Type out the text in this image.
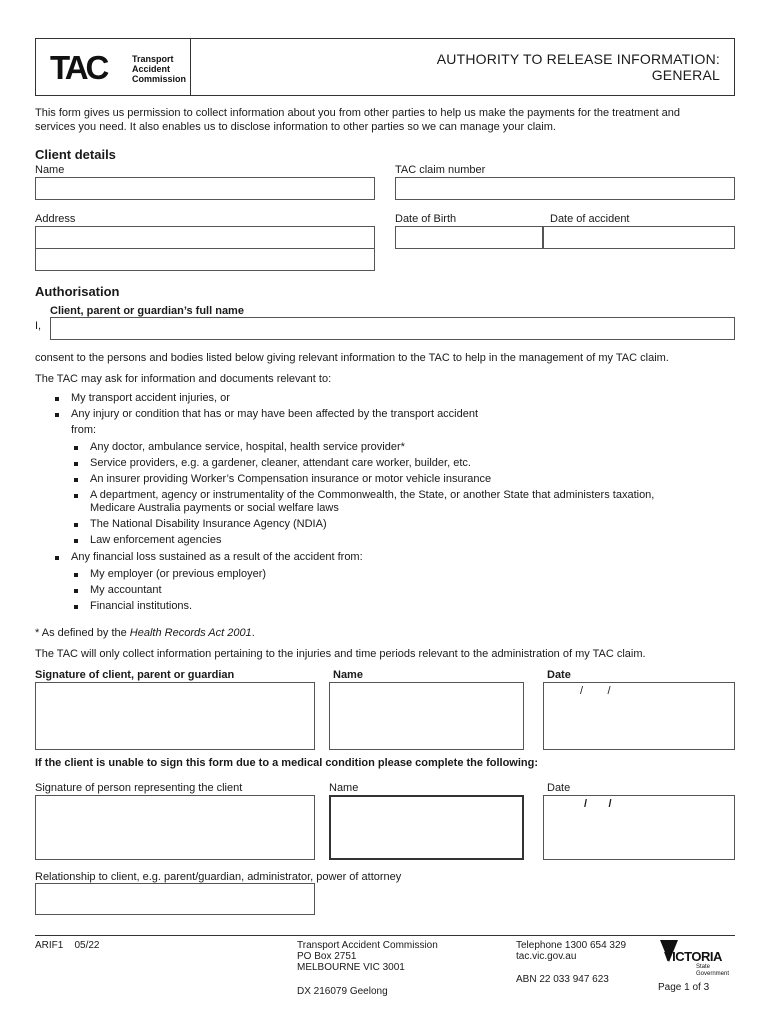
TAC	Transport
Accident
Commission
AUTHORITY TO RELEASE INFORMATION:
GENERAL
This form gives us permission to collect information about you from other parties to help us make the payments for the treatment and
services you need. It also enables us to disclose information to other parties so we can manage your claim.
Client details
Name	TAC claim number
Address	Date of Birth	Date of accident
Authorisation
Client, parent or guardian’s full name
I,
consent to the persons and bodies listed below giving relevant information to the TAC to help in the management of my TAC claim.
The TAC may ask for information and documents relevant to:
My transport accident injuries, or
Any injury or condition that has or may have been affected by the transport accident
from:
Any doctor, ambulance service, hospital, health service provider*
Service providers, e.g. a gardener, cleaner, attendant care worker, builder, etc.
An insurer providing Worker’s Compensation insurance or motor vehicle insurance
A department, agency or instrumentality of the Commonwealth, the State, or another State that administers taxation,
Medicare Australia payments or social welfare laws
The National Disability Insurance Agency (NDIA)
Law enforcement agencies
Any financial loss sustained as a result of the accident from:
My employer (or previous employer)
My accountant
Financial institutions.
* As defined by the Health Records Act 2001.
The TAC will only collect information pertaining to the injuries and time periods relevant to the administration of my TAC claim.
Signature of client, parent or guardian	Name	Date
/        /
If the client is unable to sign this form due to a medical condition please complete the following:
Signature of person representing the client	Name	Date
/       /
Relationship to client, e.g. parent/guardian, administrator, power of attorney
ARIF1 05/22	Transport Accident Commission
PO Box 2751
MELBOURNE VIC 3001
DX 216079 Geelong
Telephone 1300 654 329
tac.vic.gov.au
ABN 22 033 947 623
VICTORIA
State
Government
Page 1 of 3
